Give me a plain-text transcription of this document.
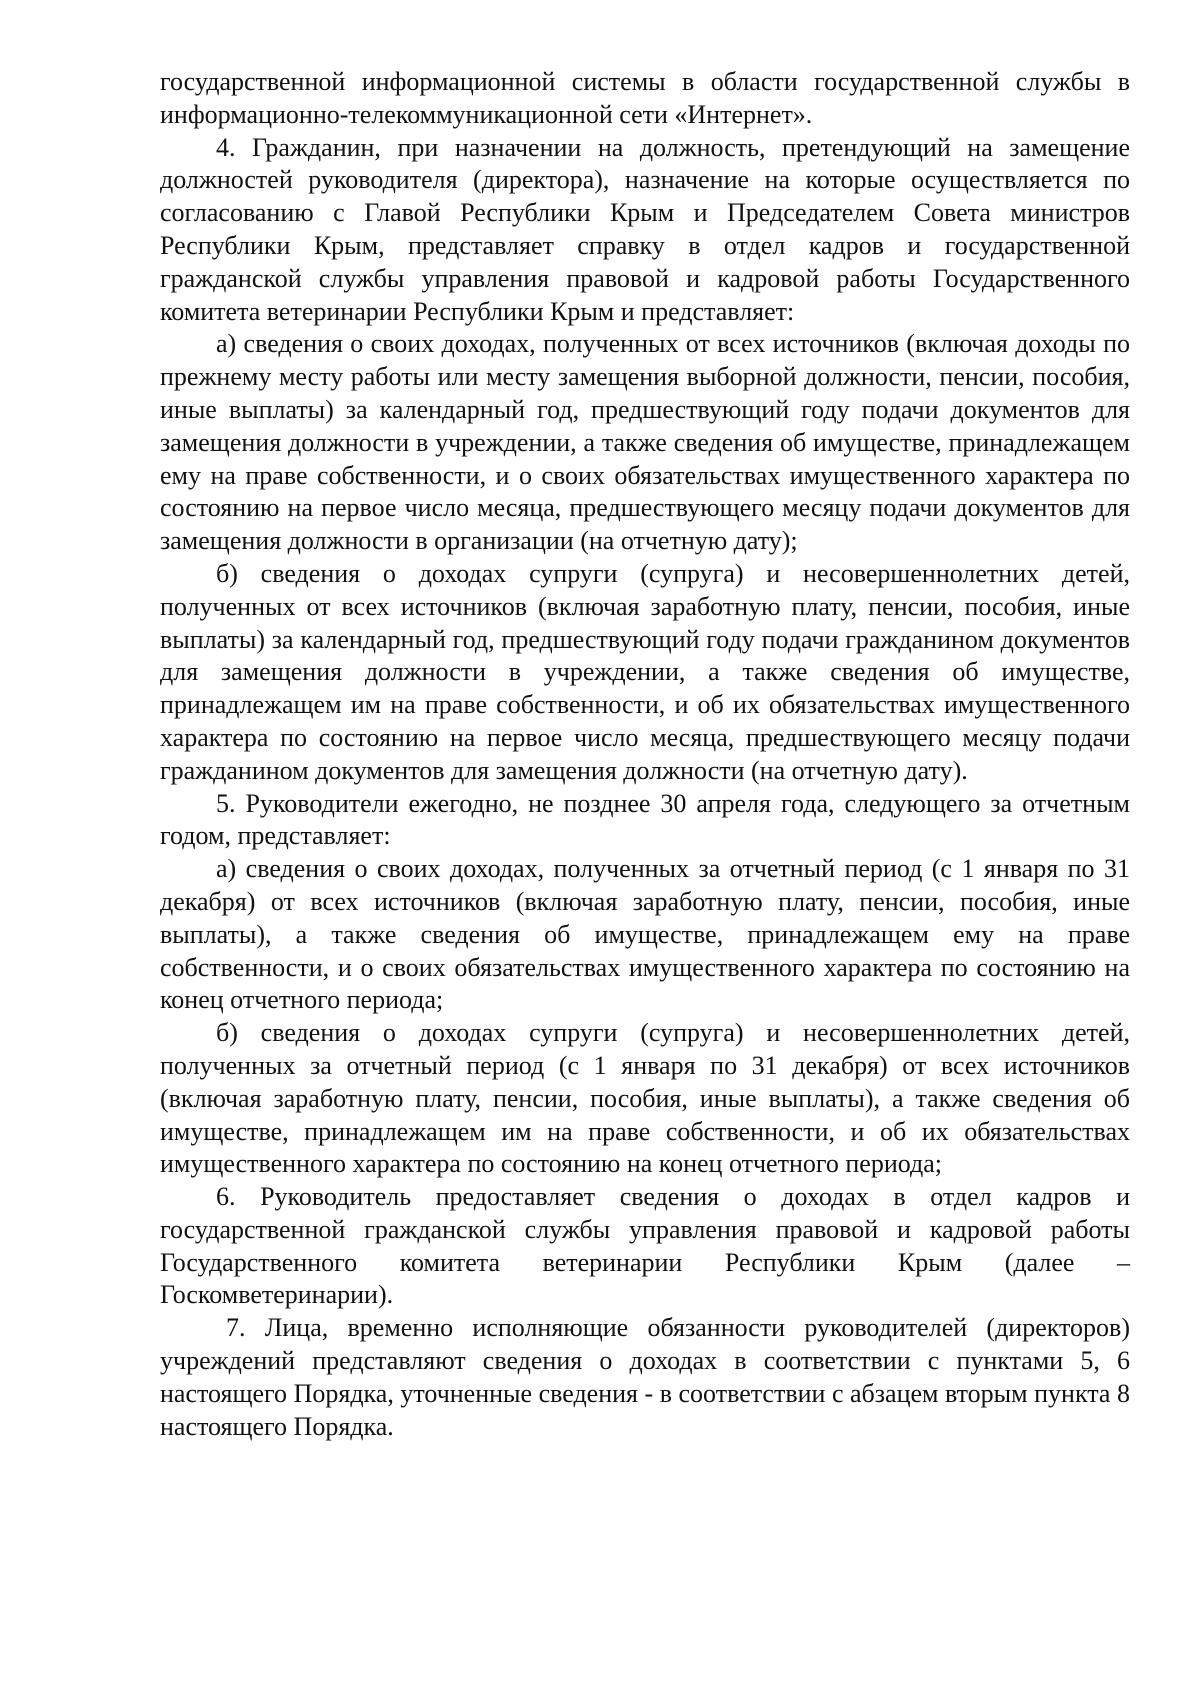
государственной информационной системы в области государственной службы в информационно-телекоммуникационной сети «Интернет».

4. Гражданин, при назначении на должность, претендующий на замещение должностей руководителя (директора), назначение на которые осуществляется по согласованию с Главой Республики Крым и Председателем Совета министров Республики Крым, представляет справку в отдел кадров и государственной гражданской службы управления правовой и кадровой работы Государственного комитета ветеринарии Республики Крым и представляет:

а) сведения о своих доходах, полученных от всех источников (включая доходы по прежнему месту работы или месту замещения выборной должности, пенсии, пособия, иные выплаты) за календарный год, предшествующий году подачи документов для замещения должности в учреждении, а также сведения об имуществе, принадлежащем ему на праве собственности, и о своих обязательствах имущественного характера по состоянию на первое число месяца, предшествующего месяцу подачи документов для замещения должности в организации (на отчетную дату);

б) сведения о доходах супруги (супруга) и несовершеннолетних детей, полученных от всех источников (включая заработную плату, пенсии, пособия, иные выплаты) за календарный год, предшествующий году подачи гражданином документов для замещения должности в учреждении, а также сведения об имуществе, принадлежащем им на праве собственности, и об их обязательствах имущественного характера по состоянию на первое число месяца, предшествующего месяцу подачи гражданином документов для замещения должности (на отчетную дату).

5. Руководители ежегодно, не позднее 30 апреля года, следующего за отчетным годом, представляет:

а) сведения о своих доходах, полученных за отчетный период (с 1 января по 31 декабря) от всех источников (включая заработную плату, пенсии, пособия, иные выплаты), а также сведения об имуществе, принадлежащем ему на праве собственности, и о своих обязательствах имущественного характера по состоянию на конец отчетного периода;

б) сведения о доходах супруги (супруга) и несовершеннолетних детей, полученных за отчетный период (с 1 января по 31 декабря) от всех источников (включая заработную плату, пенсии, пособия, иные выплаты), а также сведения об имуществе, принадлежащем им на праве собственности, и об их обязательствах имущественного характера по состоянию на конец отчетного периода;

6. Руководитель предоставляет сведения о доходах в отдел кадров и государственной гражданской службы управления правовой и кадровой работы Государственного комитета ветеринарии Республики Крым (далее – Госкомветеринарии).

7. Лица, временно исполняющие обязанности руководителей (директоров) учреждений представляют сведения о доходах в соответствии с пунктами 5, 6 настоящего Порядка, уточненные сведения - в соответствии с абзацем вторым пункта 8 настоящего Порядка.
